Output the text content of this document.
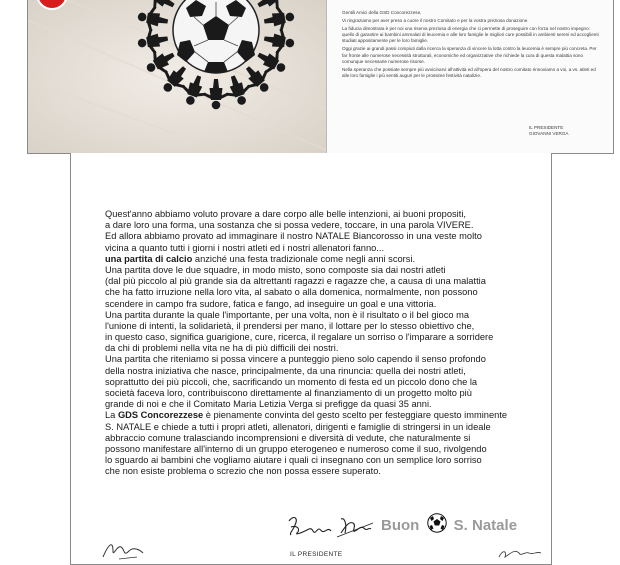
Gentili Amici della GSD Concorezzese,

Vi ringraziamo per aver preso a cuore il nostro Comitato e per la vostra preziosa donazione.

La fiducia dimostrata è per noi una riserva preziosa di energia che ci permette di proseguire con forza nel nostro impegno: quello di garantire ai bambini ammalati di leucemia e alle loro famiglie le migliori cure possibili in ambienti sereni ed accoglienti studiati appositamente per le loro famiglie.

Oggi grazie ai grandi passi compiuti dalla ricerca la speranza di vincere la lotta contro la leucemia è sempre più concreta. Per far fronte alle numerose necessità strutturali, economiche ed organizzative che richiede la cura di questa malattia sono comunque necessarie numerose risorse.

Nella speranza che possiate sempre più avvicinarvi all'attività ed all'opera del nostro comitato rinnoviamo a voi, a vs. atleti ed alle loro famiglie i più sentiti auguri per le prossime festività natalizie.

IL PRESIDENTE
GIOVANNI VERGA
Quest'anno abbiamo voluto provare a dare corpo alle belle intenzioni, ai buoni propositi,
a dare loro una forma, una sostanza che si possa vedere, toccare, in una parola VIVERE.
Ed allora abbiamo provato ad immaginare il nostro NATALE Biancorosso in una veste molto
vicina a quanto tutti i giorni i nostri atleti ed i nostri allenatori fanno...
una partita di calcio anziché una festa tradizionale come negli anni scorsi.
Una partita dove le due squadre, in modo misto, sono composte sia dai nostri atleti
(dal più piccolo al più grande sia da altrettanti ragazzi e ragazze che, a causa di una malattia
che ha fatto irruzione nella loro vita, al sabato o alla domenica, normalmente, non possono
scendere in campo fra sudore, fatica e fango, ad inseguire un goal e una vittoria.
Una partita durante la quale l'importante, per una volta, non è il risultato o il bel gioco ma
l'unione di intenti, la solidarietà, il prendersi per mano, il lottare per lo stesso obiettivo che,
in questo caso, significa guarigione, cure, ricerca, il regalare un sorriso o l'imparare a sorridere
da chi di problemi nella vita ne ha di più difficili dei nostri.
Una partita che riteniamo si possa vincere a punteggio pieno solo capendo il senso profondo
della nostra iniziativa che nasce, principalmente, da una rinuncia: quella dei nostri atleti,
soprattutto dei più piccoli, che, sacrificando un momento di festa ed un piccolo dono che la
società faceva loro, contribuiscono direttamente al finanziamento di un progetto molto più
grande di noi e che il Comitato Maria Letizia Verga si prefigge da quasi 35 anni.
La GDS Concorezzese è pienamente convinta del gesto scelto per festeggiare questo imminente
S. NATALE e chiede a tutti i propri atleti, allenatori, dirigenti e famiglie di stringersi in un ideale
abbraccio comune tralasciando incomprensioni e diversità di vedute, che naturalmente si
possono manifestare all'interno di un gruppo eterogeneo e numeroso come il suo, rivolgendo
lo sguardo ai bambini che vogliamo aiutare i quali ci insegnano con un semplice loro sorriso
che non esiste problema o screzio che non possa essere superato.
Buon S. Natale
IL PRESIDENTE
